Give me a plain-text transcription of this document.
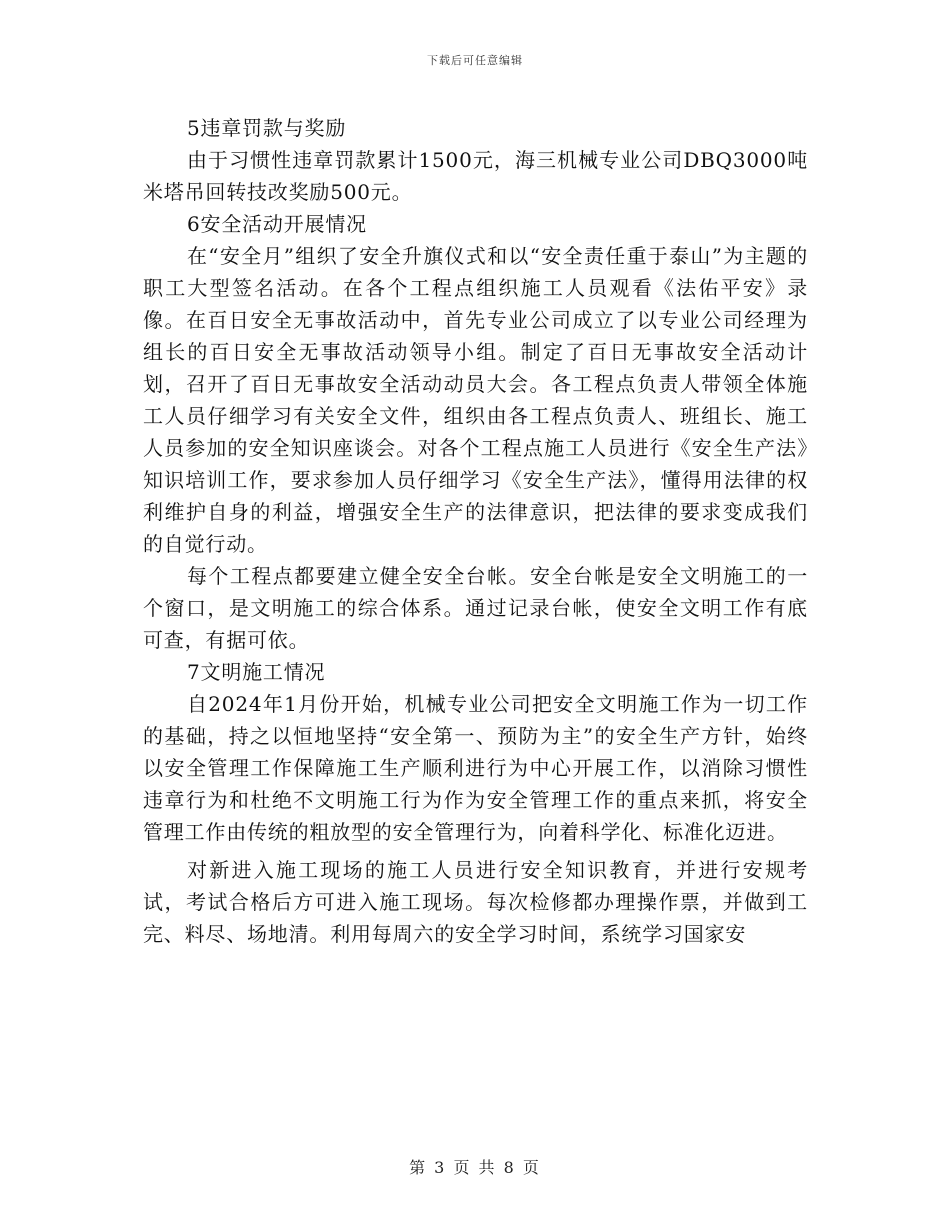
下载后可任意编辑

5违章罚款与奖励

由于习惯性违章罚款累计1500元，海三机械专业公司DBQ3000吨米塔吊回转技改奖励500元。

6安全活动开展情况

在“安全月”组织了安全升旗仪式和以“安全责任重于泰山”为主题的职工大型签名活动。在各个工程点组织施工人员观看《法佑平安》录像。在百日安全无事故活动中，首先专业公司成立了以专业公司经理为组长的百日安全无事故活动领导小组。制定了百日无事故安全活动计划，召开了百日无事故安全活动动员大会。各工程点负责人带领全体施工人员仔细学习有关安全文件，组织由各工程点负责人、班组长、施工人员参加的安全知识座谈会。对各个工程点施工人员进行《安全生产法》知识培训工作，要求参加人员仔细学习《安全生产法》，懂得用法律的权利维护自身的利益，增强安全生产的法律意识，把法律的要求变成我们的自觉行动。

每个工程点都要建立健全安全台帐。安全台帐是安全文明施工的一个窗口，是文明施工的综合体系。通过记录台帐，使安全文明工作有底可查，有据可依。

7文明施工情况

自2024年1月份开始，机械专业公司把安全文明施工作为一切工作的基础，持之以恒地坚持“安全第一、预防为主”的安全生产方针，始终以安全管理工作保障施工生产顺利进行为中心开展工作，以消除习惯性违章行为和杜绝不文明施工行为作为安全管理工作的重点来抓，将安全管理工作由传统的粗放型的安全管理行为，向着科学化、标准化迈进。

对新进入施工现场的施工人员进行安全知识教育，并进行安规考试，考试合格后方可进入施工现场。每次检修都办理操作票，并做到工完、料尽、场地清。利用每周六的安全学习时间，系统学习国家安

第 3 页 共 8 页
